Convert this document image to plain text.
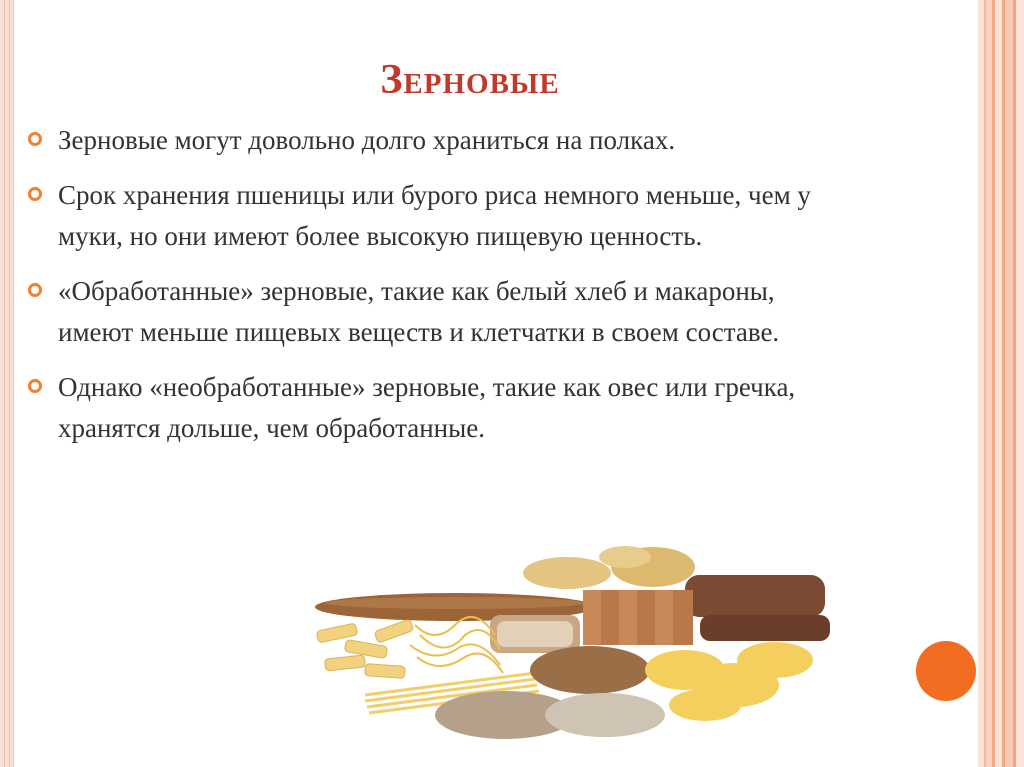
Зерновые
Зерновые могут довольно долго храниться на полках.
Срок хранения пшеницы или бурого риса немного меньше, чем у муки, но они имеют более высокую пищевую ценность.
«Обработанные» зерновые, такие как белый хлеб и макароны, имеют меньше пищевых веществ и клетчатки в своем составе.
Однако «необработанные» зерновые, такие как овес или гречка, хранятся дольше, чем обработанные.
